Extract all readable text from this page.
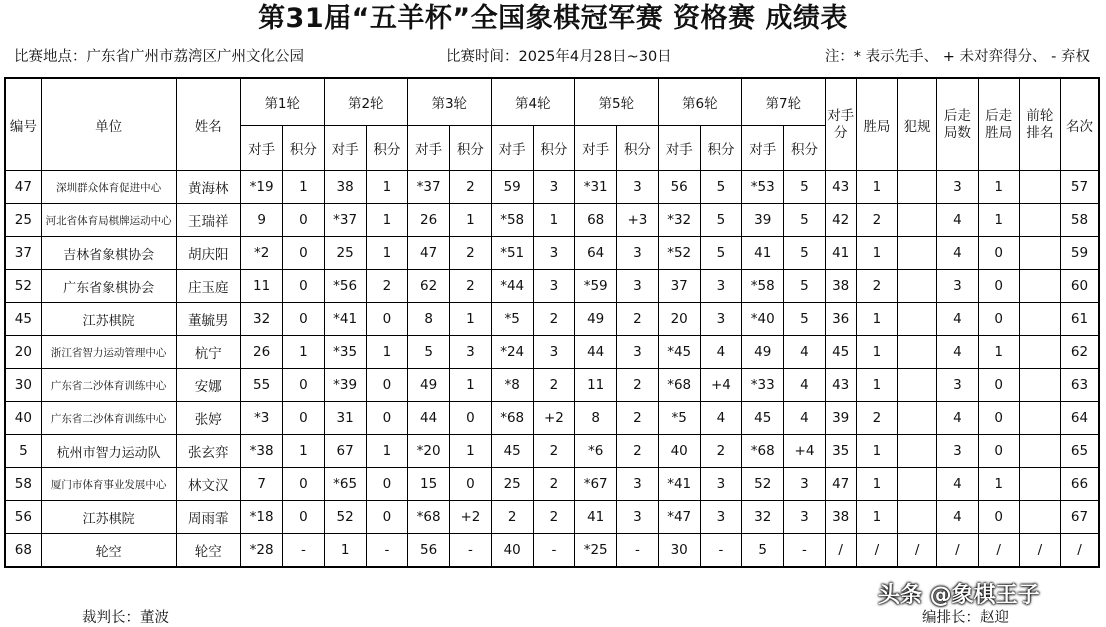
第31届“五羊杯”全国象棋冠军赛 资格赛 成绩表
比赛地点：广东省广州市荔湾区广州文化公园	比赛时间：2025年4月28日~30日	注：* 表示先手、 + 未对弈得分、 - 弃权
编号	单位	姓名	第1轮		第2轮		第3轮		第4轮		第5轮		第6轮		第7轮		对手分	胜局	犯规	后走局数	后走胜局	前轮排名	名次
			对手	积分	对手	积分	对手	积分	对手	积分	对手	积分	对手	积分	对手	积分							
47	深圳群众体育促进中心	黄海林	*19	1	38	1	*37	2	59	3	*31	3	56	5	*53	5	43	1		3	1		57
25	河北省体育局棋牌运动中心	王瑞祥	9	0	*37	1	26	1	*58	1	68	+3	*32	5	39	5	42	2		4	1		58
37	吉林省象棋协会	胡庆阳	*2	0	25	1	47	2	*51	3	64	3	*52	5	41	5	41	1		4	0		59
52	广东省象棋协会	庄玉庭	11	0	*56	2	62	2	*44	3	*59	3	37	3	*58	5	38	2		3	0		60
45	江苏棋院	董毓男	32	0	*41	0	8	1	*5	2	49	2	20	3	*40	5	36	1		4	0		61
20	浙江省智力运动管理中心	杭宁	26	1	*35	1	5	3	*24	3	44	3	*45	4	49	4	45	1		4	1		62
30	广东省二沙体育训练中心	安娜	55	0	*39	0	49	1	*8	2	11	2	*68	+4	*33	4	43	1		3	0		63
40	广东省二沙体育训练中心	张婷	*3	0	31	0	44	0	*68	+2	8	2	*5	4	45	4	39	2		4	0		64
5	杭州市智力运动队	张玄弈	*38	1	67	1	*20	1	45	2	*6	2	40	2	*68	+4	35	1		3	0		65
58	厦门市体育事业发展中心	林文汉	7	0	*65	0	15	0	25	2	*67	3	*41	3	52	3	47	1		4	1		66
56	江苏棋院	周雨霏	*18	0	52	0	*68	+2	2	2	41	3	*47	3	32	3	38	1		4	0		67
68	轮空	轮空	*28	-	1	-	56	-	40	-	*25	-	30	-	5	-	/	/	/	/	/	/	/
裁判长：董波	编排长：赵迎
头条 @象棋王子
